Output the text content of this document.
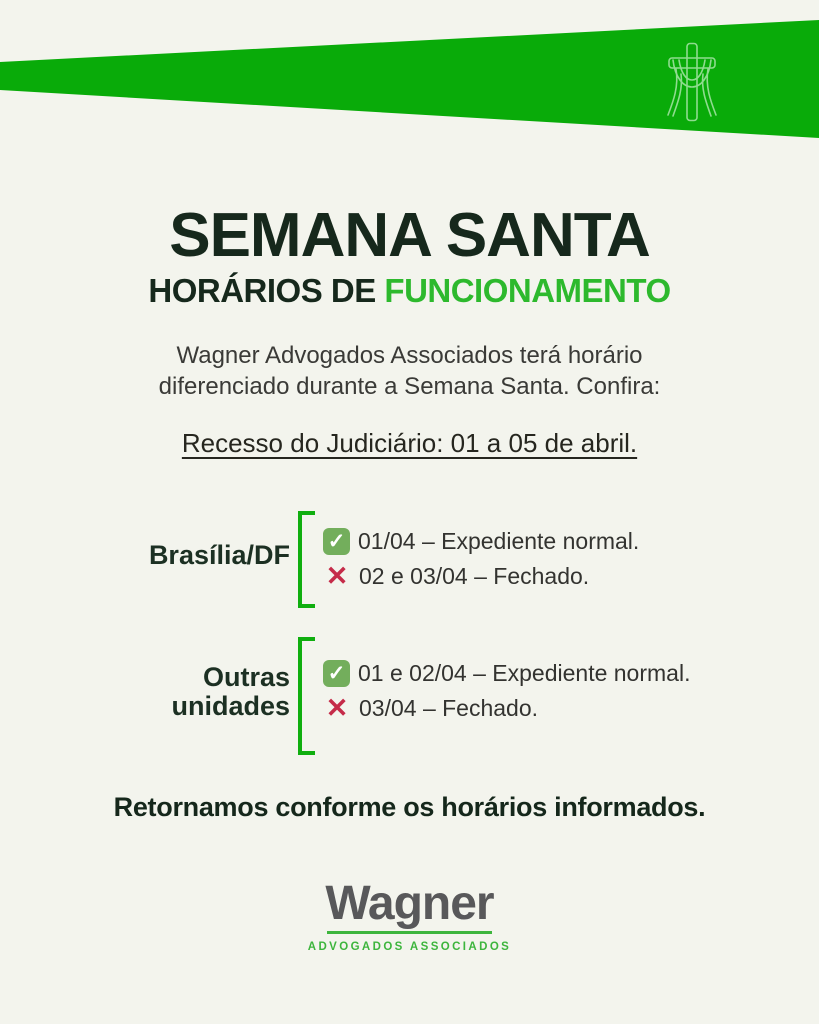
SEMANA SANTA
HORÁRIOS DE FUNCIONAMENTO

Wagner Advogados Associados terá horário diferenciado durante a Semana Santa. Confira:

Recesso do Judiciário: 01 a 05 de abril.
Brasília/DF ✓	01/04 – Expediente normal.
✕
02 e 03/04 – Fechado.
Outras unidades
✓
01 e 02/04 – Expediente normal.
✕
03/04 – Fechado.
Retornamos conforme os horários informados.
Wagner
ADVOGADOS ASSOCIADOS
